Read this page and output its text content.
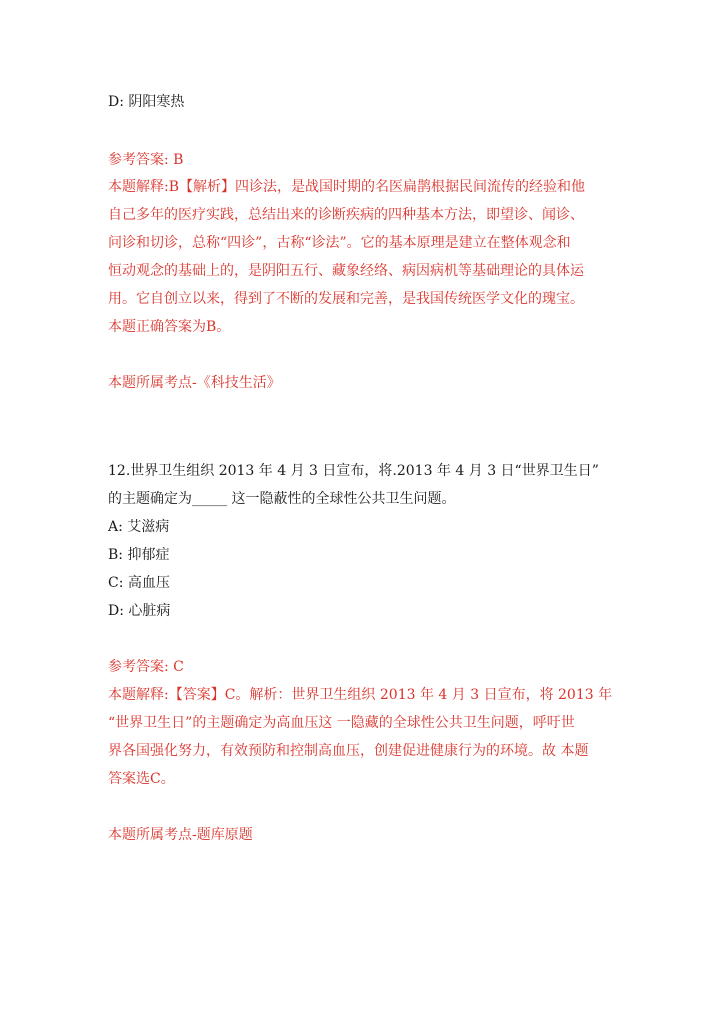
D: 阴阳寒热
参考答案: B
本题解释:B【解析】四诊法，是战国时期的名医扁鹊根据民间流传的经验和他
自己多年的医疗实践，总结出来的诊断疾病的四种基本方法，即望诊、闻诊、
问诊和切诊，总称“四诊”，古称“诊法”。它的基本原理是建立在整体观念和
恒动观念的基础上的，是阴阳五行、藏象经络、病因病机等基础理论的具体运
用。它自创立以来，得到了不断的发展和完善，是我国传统医学文化的瑰宝。
本题正确答案为B。
本题所属考点-《科技生活》
12.世界卫生组织 2013 年 4 月 3 日宣布，将.2013 年 4 月 3 日“世界卫生日”
的主题确定为_____ 这一隐蔽性的全球性公共卫生问题。
A: 艾滋病
B: 抑郁症
C: 高血压
D: 心脏病
参考答案: C
本题解释:【答案】C。解析：世界卫生组织 2013 年 4 月 3 日宣布，将 2013 年
“世界卫生日”的主题确定为高血压这 一隐藏的全球性公共卫生问题，呼吁世
界各国强化努力，有效预防和控制高血压，创建促进健康行为的环境。故 本题
答案选C。
本题所属考点-题库原题
